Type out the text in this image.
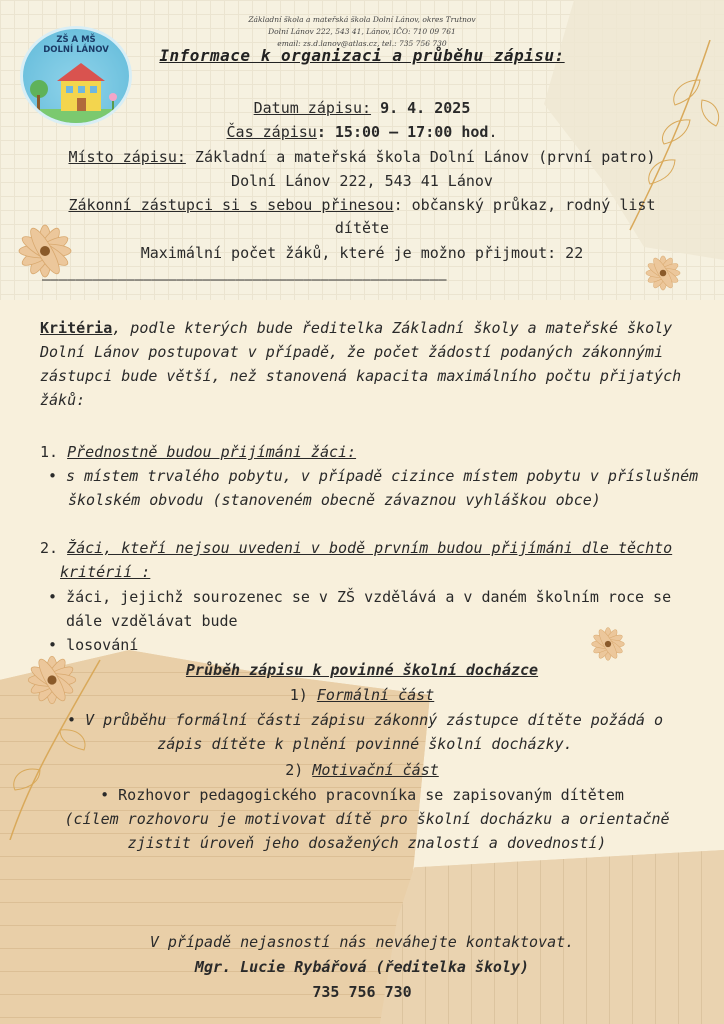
Základní škola a mateřská škola Dolní Lánov, okres Trutnov
Dolní Lánov 222, 543 41, Lánov, IČO: 710 09 761
email: zs.d.lanov@atlas.cz, tel.: 735 756 730
ZŠ A MŠ
DOLNÍ LÁNOV	Informace k organizaci a průběhu zápisu:
Datum zápisu: 9. 4. 2025
Čas zápisu: 15:00 – 17:00 hod.
Místo zápisu: Základní a mateřská škola Dolní Lánov (první patro)
Dolní Lánov 222, 543 41 Lánov
Zákonní zástupci si s sebou přinesou: občanský průkaz, rodný list
dítěte
Maximální počet žáků, které je možno přijmout: 22
————————————————————————————————————————————————
Kritéria, podle kterých bude ředitelka Základní školy a mateřské školy Dolní Lánov postupovat v případě, že počet žádostí podaných zákonnými zástupci bude větší, než stanovená kapacita maximálního počtu přijatých žáků:
1. Přednostně budou přijímáni žáci:
• s místem trvalého pobytu, v případě cizince místem pobytu v příslušném školském obvodu (stanoveném obecně závaznou vyhláškou obce)
2. Žáci, kteří nejsou uvedeni v bodě prvním budou přijímáni dle těchto kritérií :
• žáci, jejichž sourozenec se v ZŠ vzdělává a v daném školním roce se dále vzdělávat bude
• losování
Průběh zápisu k povinné školní docházce
1) Formální část
• V průběhu formální části zápisu zákonný zástupce dítěte požádá o zápis dítěte k plnění povinné školní docházky.
2) Motivační část
• Rozhovor pedagogického pracovníka se zapisovaným dítětem
(cílem rozhovoru je motivovat dítě pro školní docházku a orientačně zjistit úroveň jeho dosažených znalostí a dovedností)
V případě nejasností nás neváhejte kontaktovat.
Mgr. Lucie Rybářová (ředitelka školy)
735 756 730
